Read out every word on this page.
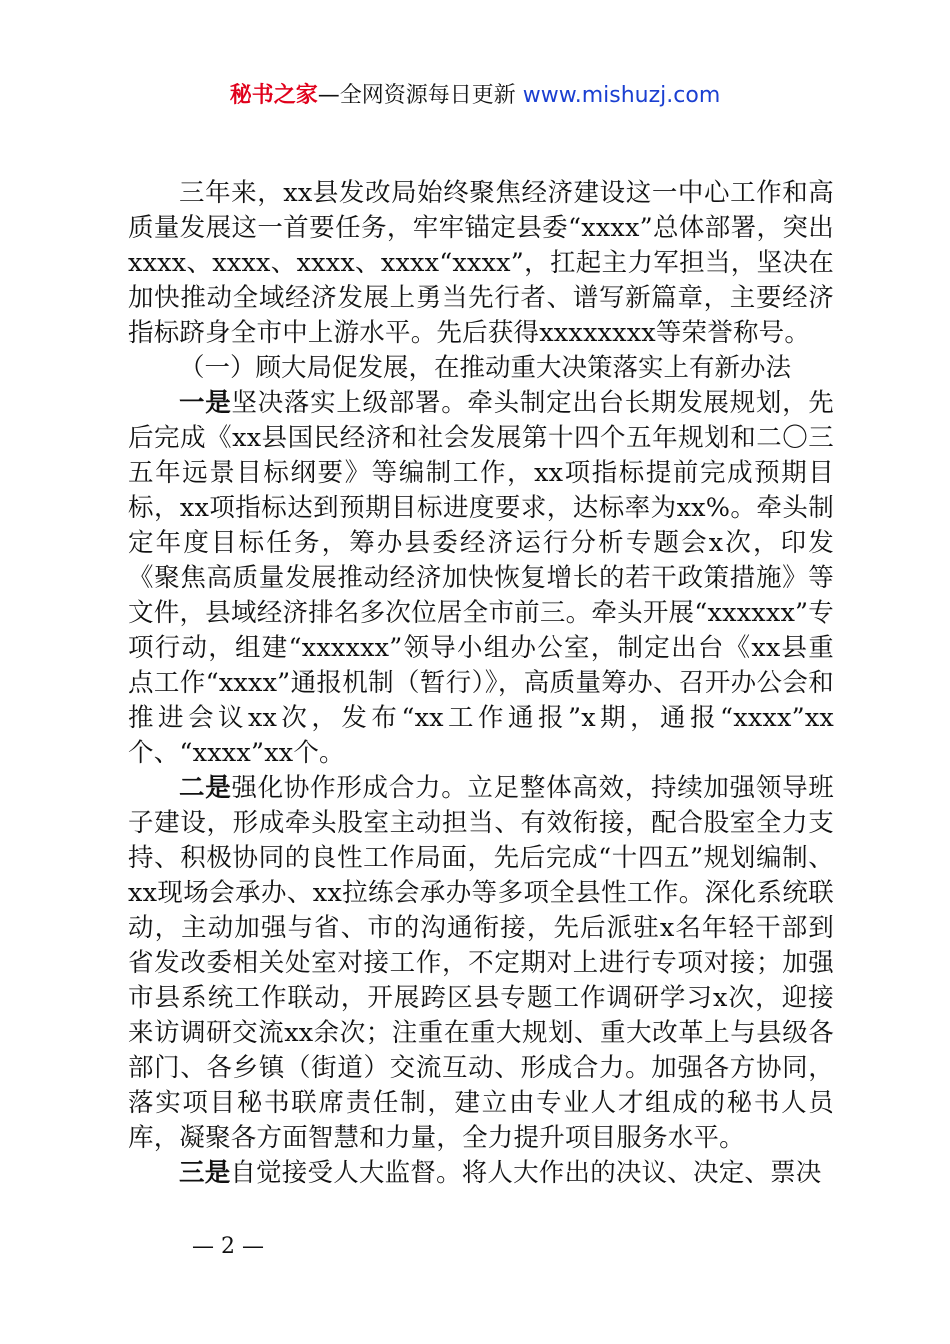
秘书之家—全网资源每日更新 www.mishuzj.com

三年来，xx县发改局始终聚焦经济建设这一中心工作和高质量发展这一首要任务，牢牢锚定县委“xxxx”总体部署，突出xxxx、xxxx、xxxx、xxxx“xxxx”，扛起主力军担当，坚决在加快推动全域经济发展上勇当先行者、谱写新篇章，主要经济指标跻身全市中上游水平。先后获得xxxxxxxx等荣誉称号。

（一）顾大局促发展，在推动重大决策落实上有新办法

一是坚决落实上级部署。牵头制定出台长期发展规划，先后完成《xx县国民经济和社会发展第十四个五年规划和二〇三五年远景目标纲要》等编制工作，xx项指标提前完成预期目标，xx项指标达到预期目标进度要求，达标率为xx%。牵头制定年度目标任务，筹办县委经济运行分析专题会x次，印发《聚焦高质量发展推动经济加快恢复增长的若干政策措施》等文件，县域经济排名多次位居全市前三。牵头开展“xxxxxx”专项行动，组建“xxxxxx”领导小组办公室，制定出台《xx县重点工作“xxxx”通报机制（暂行）》，高质量筹办、召开办公会和推进会议xx次，发布“xx工作通报”x期，通报“xxxx”xx个、“xxxx”xx个。

二是强化协作形成合力。立足整体高效，持续加强领导班子建设，形成牵头股室主动担当、有效衔接，配合股室全力支持、积极协同的良性工作局面，先后完成“十四五”规划编制、xx现场会承办、xx拉练会承办等多项全县性工作。深化系统联动，主动加强与省、市的沟通衔接，先后派驻x名年轻干部到省发改委相关处室对接工作，不定期对上进行专项对接；加强市县系统工作联动，开展跨区县专题工作调研学习x次，迎接来访调研交流xx余次；注重在重大规划、重大改革上与县级各部门、各乡镇（街道）交流互动、形成合力。加强各方协同，落实项目秘书联席责任制，建立由专业人才组成的秘书人员库，凝聚各方面智慧和力量，全力提升项目服务水平。

三是自觉接受人大监督。将人大作出的决议、决定、票决

— 2 —
